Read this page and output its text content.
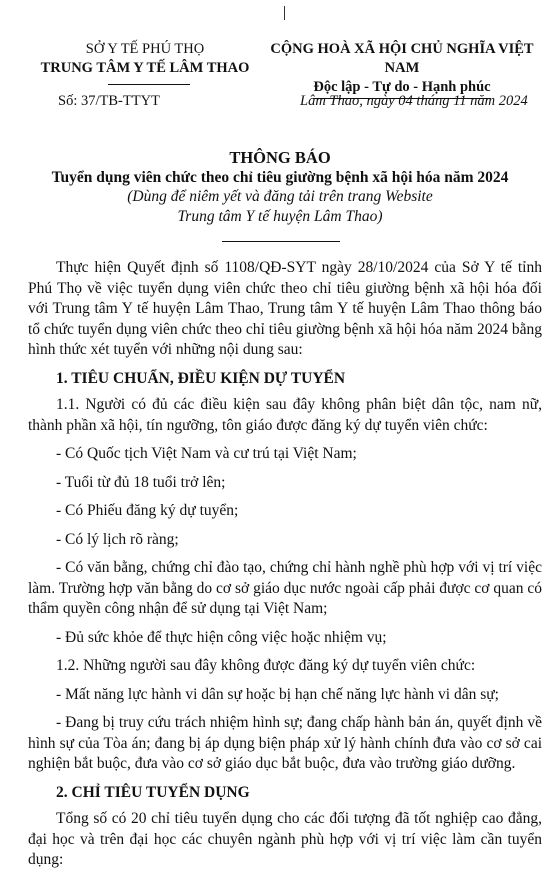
SỞ Y TẾ PHÚ THỌ
TRUNG TÂM Y TẾ LÂM THAO
CỘNG HOÀ XÃ HỘI CHỦ NGHĨA VIỆT NAM
Độc lập - Tự do - Hạnh phúc
Số: 37/TB-TTYT	Lâm Thao, ngày 04 tháng 11 năm 2024
THÔNG BÁO
Tuyển dụng viên chức theo chỉ tiêu giường bệnh xã hội hóa năm 2024
(Dùng để niêm yết và đăng tải trên trang Website
Trung tâm Y tế huyện Lâm Thao)

Thực hiện Quyết định số 1108/QĐ-SYT ngày 28/10/2024 của Sở Y tế tỉnh Phú Thọ về việc tuyển dụng viên chức theo chỉ tiêu giường bệnh xã hội hóa đối với Trung tâm Y tế huyện Lâm Thao, Trung tâm Y tế huyện Lâm Thao thông báo tổ chức tuyển dụng viên chức theo chỉ tiêu giường bệnh xã hội hóa năm 2024 bằng hình thức xét tuyển với những nội dung sau:

1. TIÊU CHUẨN, ĐIỀU KIỆN DỰ TUYỂN

1.1. Người có đủ các điều kiện sau đây không phân biệt dân tộc, nam nữ, thành phần xã hội, tín ngưỡng, tôn giáo được đăng ký dự tuyển viên chức:

- Có Quốc tịch Việt Nam và cư trú tại Việt Nam;

- Tuổi từ đủ 18 tuổi trở lên;

- Có Phiếu đăng ký dự tuyển;

- Có lý lịch rõ ràng;

- Có văn bằng, chứng chỉ đào tạo, chứng chỉ hành nghề phù hợp với vị trí việc làm. Trường hợp văn bằng do cơ sở giáo dục nước ngoài cấp phải được cơ quan có thẩm quyền công nhận để sử dụng tại Việt Nam;

- Đủ sức khỏe để thực hiện công việc hoặc nhiệm vụ;

1.2. Những người sau đây không được đăng ký dự tuyển viên chức:

- Mất năng lực hành vi dân sự hoặc bị hạn chế năng lực hành vi dân sự;

- Đang bị truy cứu trách nhiệm hình sự; đang chấp hành bản án, quyết định về hình sự của Tòa án; đang bị áp dụng biện pháp xử lý hành chính đưa vào cơ sở cai nghiện bắt buộc, đưa vào cơ sở giáo dục bắt buộc, đưa vào trường giáo dưỡng.

2. CHỈ TIÊU TUYỂN DỤNG

Tổng số có 20 chỉ tiêu tuyển dụng cho các đối tượng đã tốt nghiệp cao đẳng, đại học và trên đại học các chuyên ngành phù hợp với vị trí việc làm cần tuyển dụng:
